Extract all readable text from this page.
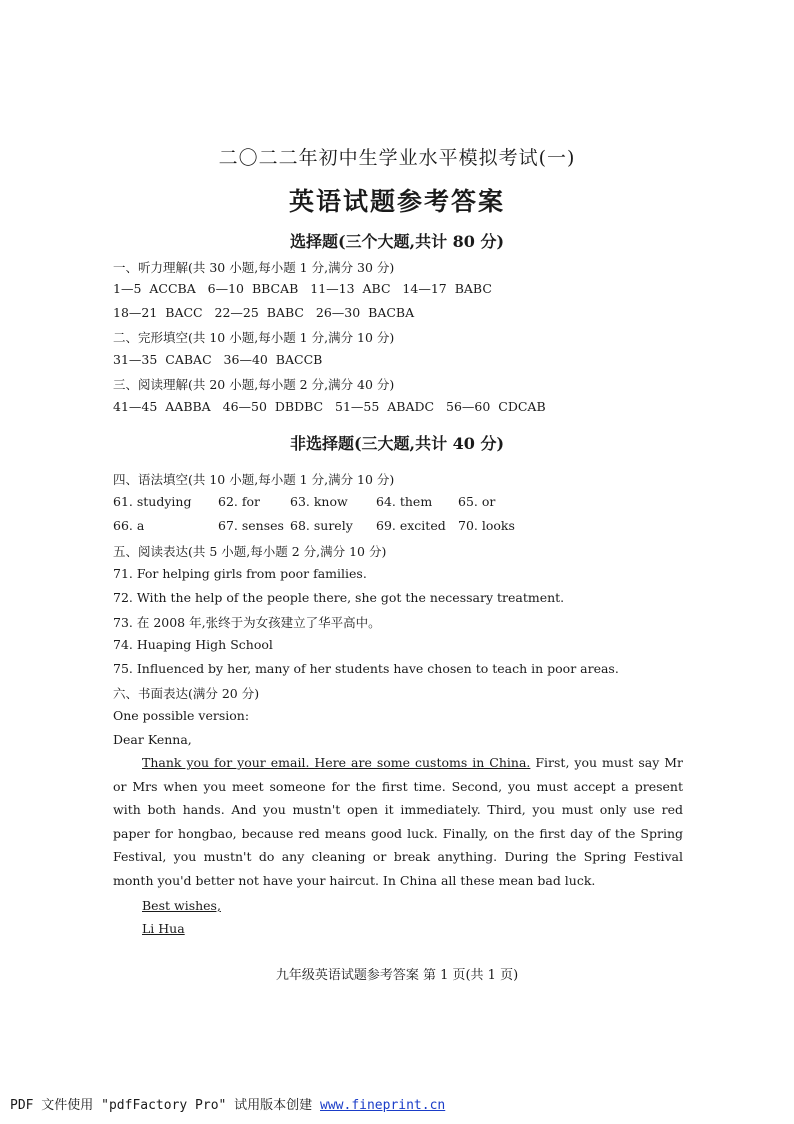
二〇二二年初中生学业水平模拟考试(一)
英语试题参考答案
选择题(三个大题,共计 80 分)
一、听力理解(共 30 小题,每小题 1 分,满分 30 分)
1—5  ACCBA   6—10  BBCAB   11—13  ABC   14—17  BABC
18—21  BACC   22—25  BABC   26—30  BACBA
二、完形填空(共 10 小题,每小题 1 分,满分 10 分)
31—35  CABAC   36—40  BACCB
三、阅读理解(共 20 小题,每小题 2 分,满分 40 分)
41—45  AABBA   46—50  DBDBC   51—55  ABADC   56—60  CDCAB
非选择题(三大题,共计 40 分)
四、语法填空(共 10 小题,每小题 1 分,满分 10 分)
61. studying 62. for 63. know 64. them 65. or
66. a	67. senses 68. surely 69. excited 70. looks
五、阅读表达(共 5 小题,每小题 2 分,满分 10 分)
71. For helping girls from poor families.
72. With the help of the people there, she got the necessary treatment.
73. 在 2008 年,张终于为女孩建立了华平高中。
74. Huaping High School
75. Influenced by her, many of her students have chosen to teach in poor areas.
六、书面表达(满分 20 分)
One possible version:
Dear Kenna,

Thank you for your email. Here are some customs in China. First, you must say Mr or Mrs when you meet someone for the first time. Second, you must accept a present with both hands. And you mustn't open it immediately. Third, you must only use red paper for hongbao, because red means good luck. Finally, on the first day of the Spring Festival, you mustn't do any cleaning or break anything. During the Spring Festival month you'd better not have your haircut. In China all these mean bad luck.

Best wishes,
Li Hua
九年级英语试题参考答案 第 1 页(共 1 页)
PDF 文件使用 "pdfFactory Pro" 试用版本创建 www.fineprint.cn
